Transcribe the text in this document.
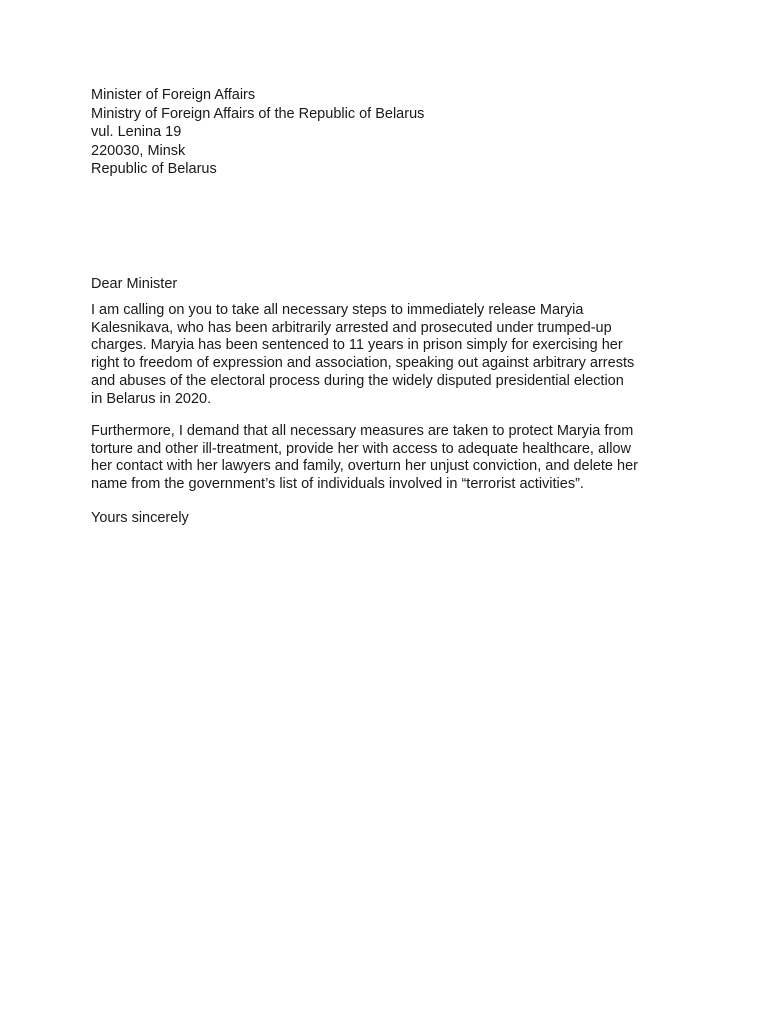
Minister of Foreign Affairs
Ministry of Foreign Affairs of the Republic of Belarus
vul. Lenina 19
220030, Minsk
Republic of Belarus
Dear Minister
I am calling on you to take all necessary steps to immediately release Maryia
Kalesnikava, who has been arbitrarily arrested and prosecuted under trumped-up
charges. Maryia has been sentenced to 11 years in prison simply for exercising her
right to freedom of expression and association, speaking out against arbitrary arrests
and abuses of the electoral process during the widely disputed presidential election
in Belarus in 2020.
Furthermore, I demand that all necessary measures are taken to protect Maryia from
torture and other ill-treatment, provide her with access to adequate healthcare, allow
her contact with her lawyers and family, overturn her unjust conviction, and delete her
name from the government’s list of individuals involved in “terrorist activities”.
Yours sincerely
